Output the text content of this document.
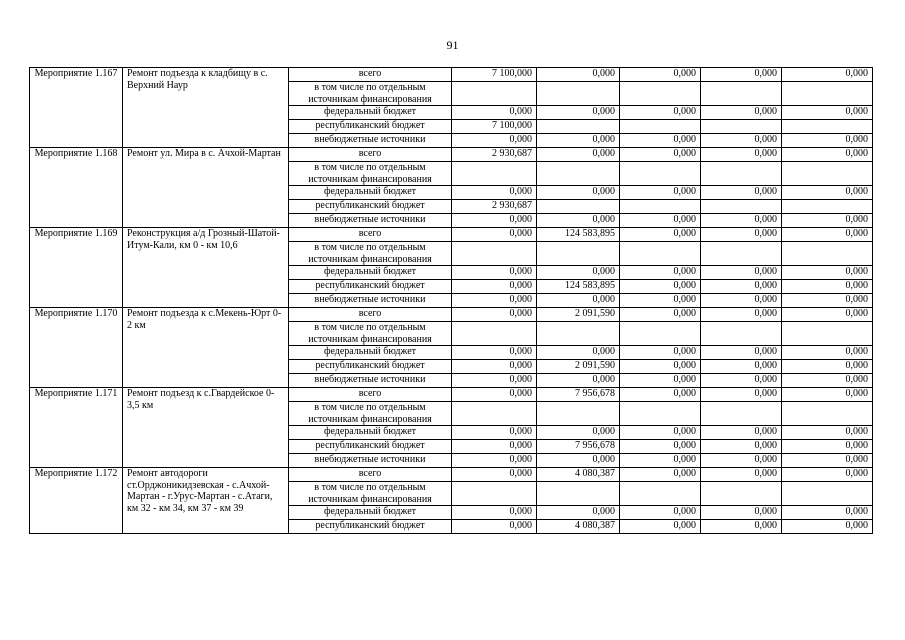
91
Мероприятие 1.167	Ремонт подъезда к кладбищу в с. Верхний Наур	всего	7 100,000	0,000	0,000	0,000	0,000
		в том числе по отдельным источникам финансирования					
		федеральный бюджет	0,000	0,000	0,000	0,000	0,000
		республиканский бюджет	7 100,000				
		внебюджетные источники	0,000	0,000	0,000	0,000	0,000
Мероприятие 1.168	Ремонт ул. Мира в с. Ачхой-Мартан	всего	2 930,687	0,000	0,000	0,000	0,000
		в том числе по отдельным источникам финансирования					
		федеральный бюджет	0,000	0,000	0,000	0,000	0,000
		республиканский бюджет	2 930,687				
		внебюджетные источники	0,000	0,000	0,000	0,000	0,000
Мероприятие 1.169	Реконструкция а/д Грозный-Шатой-Итум-Кали, км 0 - км 10,6	всего	0,000	124 583,895	0,000	0,000	0,000
		в том числе по отдельным источникам финансирования					
		федеральный бюджет	0,000	0,000	0,000	0,000	0,000
		республиканский бюджет	0,000	124 583,895	0,000	0,000	0,000
		внебюджетные источники	0,000	0,000	0,000	0,000	0,000
Мероприятие 1.170	Ремонт подъезда к с.Мекень-Юрт 0-2 км	всего	0,000	2 091,590	0,000	0,000	0,000
		в том числе по отдельным источникам финансирования					
		федеральный бюджет	0,000	0,000	0,000	0,000	0,000
		республиканский бюджет	0,000	2 091,590	0,000	0,000	0,000
		внебюджетные источники	0,000	0,000	0,000	0,000	0,000
Мероприятие 1.171	Ремонт подъезд к с.Гвардейское 0-3,5 км	всего	0,000	7 956,678	0,000	0,000	0,000
		в том числе по отдельным источникам финансирования					
		федеральный бюджет	0,000	0,000	0,000	0,000	0,000
		республиканский бюджет	0,000	7 956,678	0,000	0,000	0,000
		внебюджетные источники	0,000	0,000	0,000	0,000	0,000
Мероприятие 1.172	Ремонт автодороги ст.Орджоникидзевская - с.Ачхой-Мартан - г.Урус-Мартан - с.Атаги, км 32 - км 34, км 37 - км 39	всего	0,000	4 080,387	0,000	0,000	0,000
		в том числе по отдельным источникам финансирования					
		федеральный бюджет	0,000	0,000	0,000	0,000	0,000
		республиканский бюджет	0,000	4 080,387	0,000	0,000	0,000
